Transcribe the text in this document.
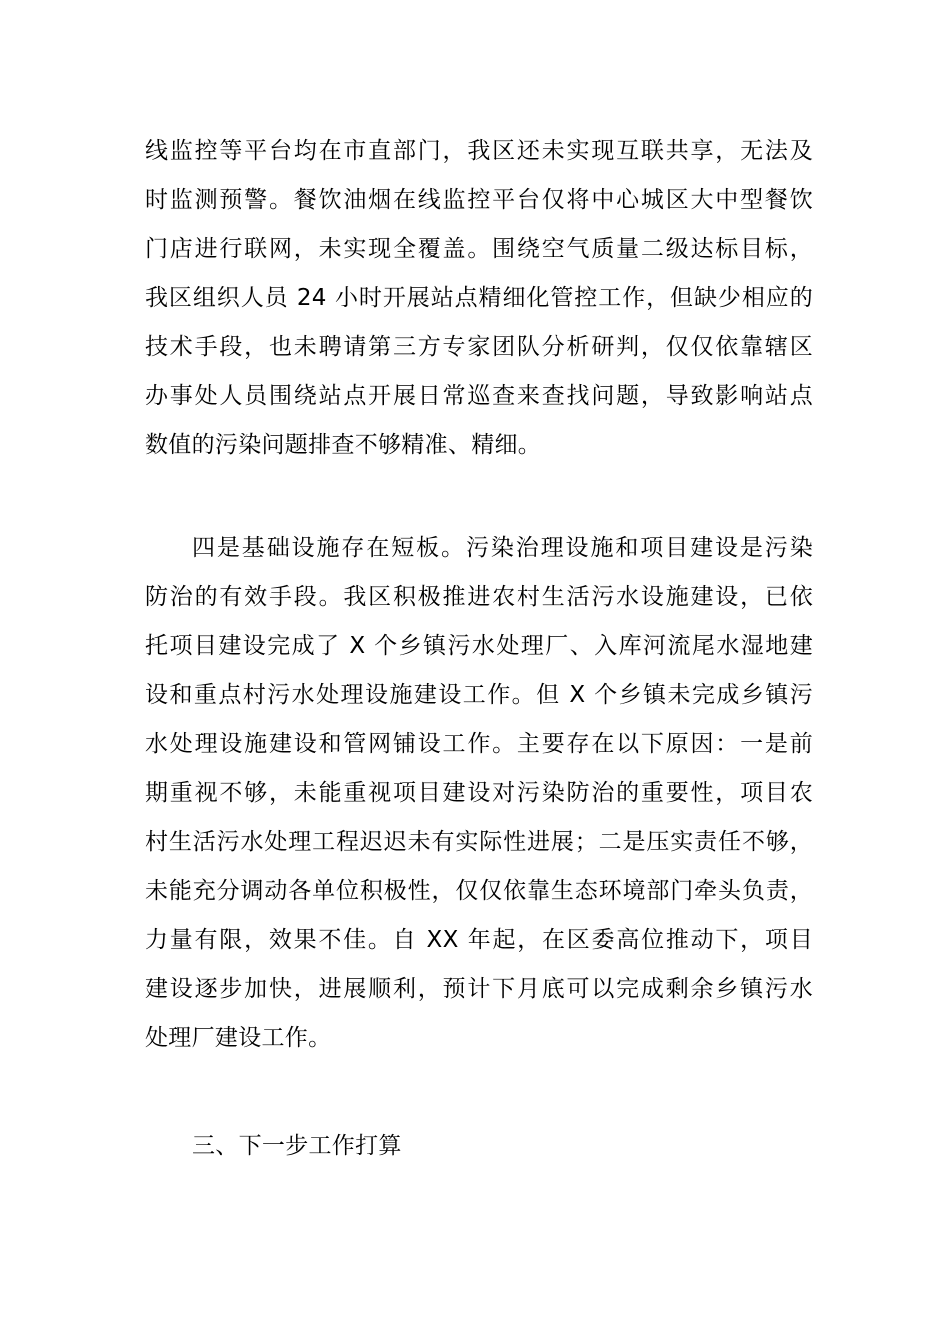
线监控等平台均在市直部门，我区还未实现互联共享，无法及
时监测预警。餐饮油烟在线监控平台仅将中心城区大中型餐饮
门店进行联网，未实现全覆盖。围绕空气质量二级达标目标，
我区组织人员 24 小时开展站点精细化管控工作，但缺少相应的
技术手段，也未聘请第三方专家团队分析研判，仅仅依靠辖区
办事处人员围绕站点开展日常巡查来查找问题，导致影响站点
数值的污染问题排查不够精准、精细。
四是基础设施存在短板。污染治理设施和项目建设是污染
防治的有效手段。我区积极推进农村生活污水设施建设，已依
托项目建设完成了 X 个乡镇污水处理厂、入库河流尾水湿地建
设和重点村污水处理设施建设工作。但 X 个乡镇未完成乡镇污
水处理设施建设和管网铺设工作。主要存在以下原因：一是前
期重视不够，未能重视项目建设对污染防治的重要性，项目农
村生活污水处理工程迟迟未有实际性进展；二是压实责任不够，
未能充分调动各单位积极性，仅仅依靠生态环境部门牵头负责，
力量有限，效果不佳。自 XX 年起，在区委高位推动下，项目
建设逐步加快，进展顺利，预计下月底可以完成剩余乡镇污水
处理厂建设工作。
三、下一步工作打算
